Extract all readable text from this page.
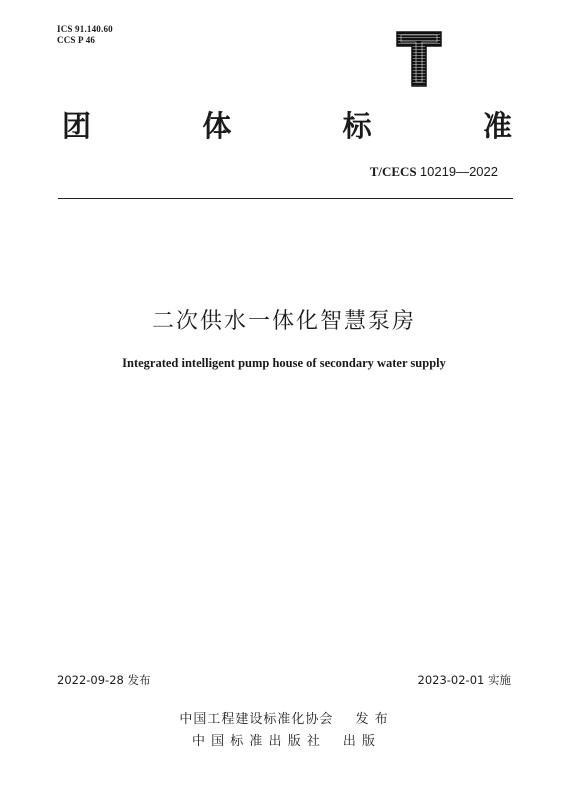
ICS 91.140.60
CCS P 46
团	体	标	准
T/CECS 10219—2022
二次供水一体化智慧泵房
Integrated intelligent pump house of secondary water supply
2022-09-28 发布	2023-02-01 实施
中国工程建设标准化协会 发 布
中 国 标 准 出 版 社 出 版
